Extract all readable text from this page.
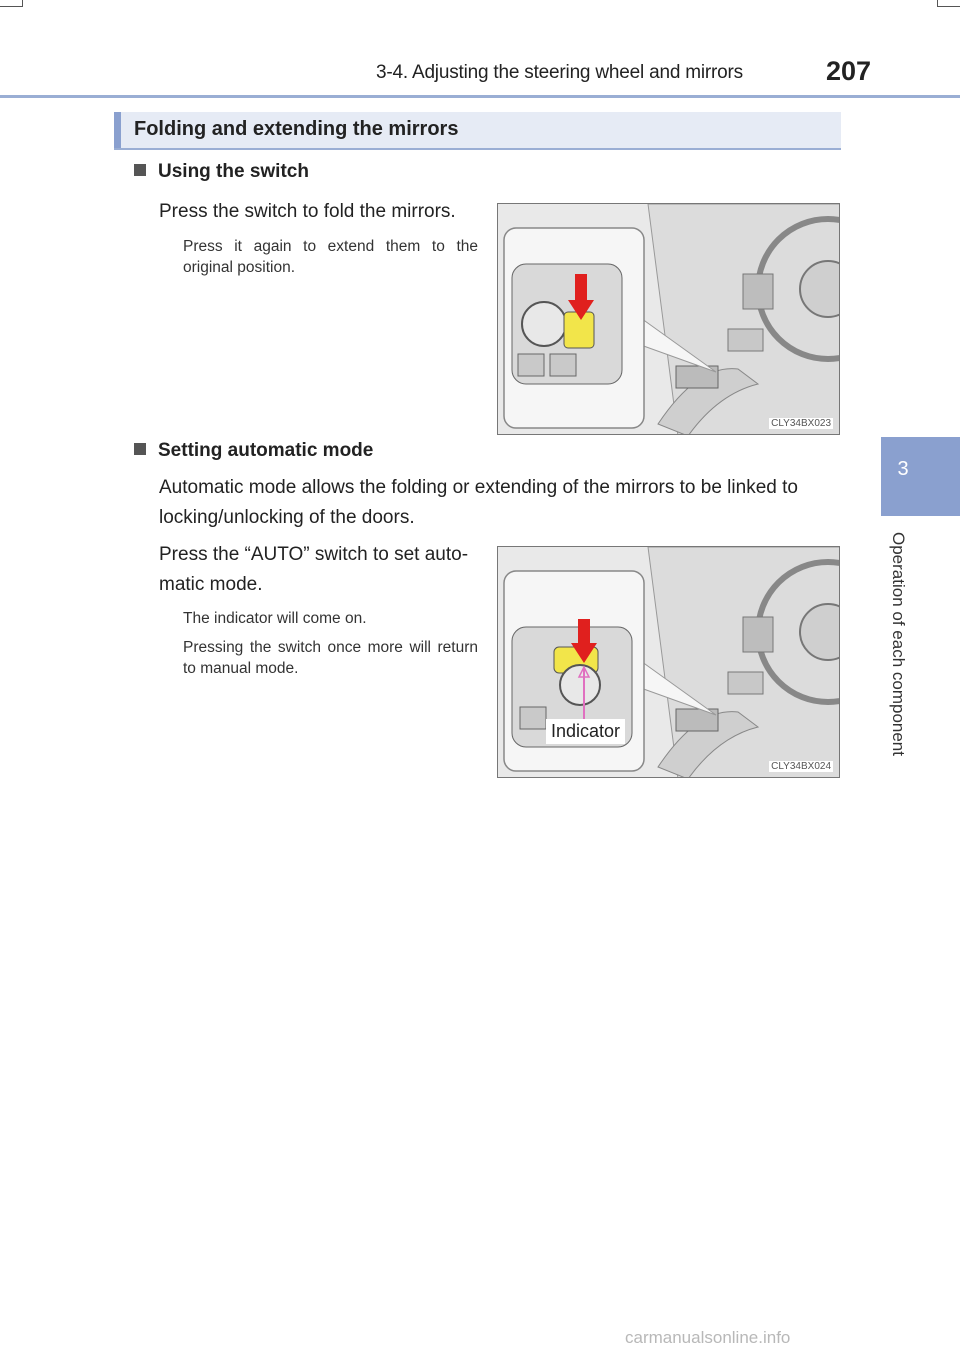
3-4. Adjusting the steering wheel and mirrors	207
3
Operation of each component
Folding and extending the mirrors
Using the switch
Press the switch to fold the mirrors.
Press it again to extend them to the original position.
CLY34BX023
Setting automatic mode
Automatic mode allows the folding or extending of the mirrors to be linked to locking/unlocking of the doors.
Press the “AUTO” switch to set auto-matic mode.
The indicator will come on.
Pressing the switch once more will return to manual mode.
Indicator
CLY34BX024
carmanualsonline.info
